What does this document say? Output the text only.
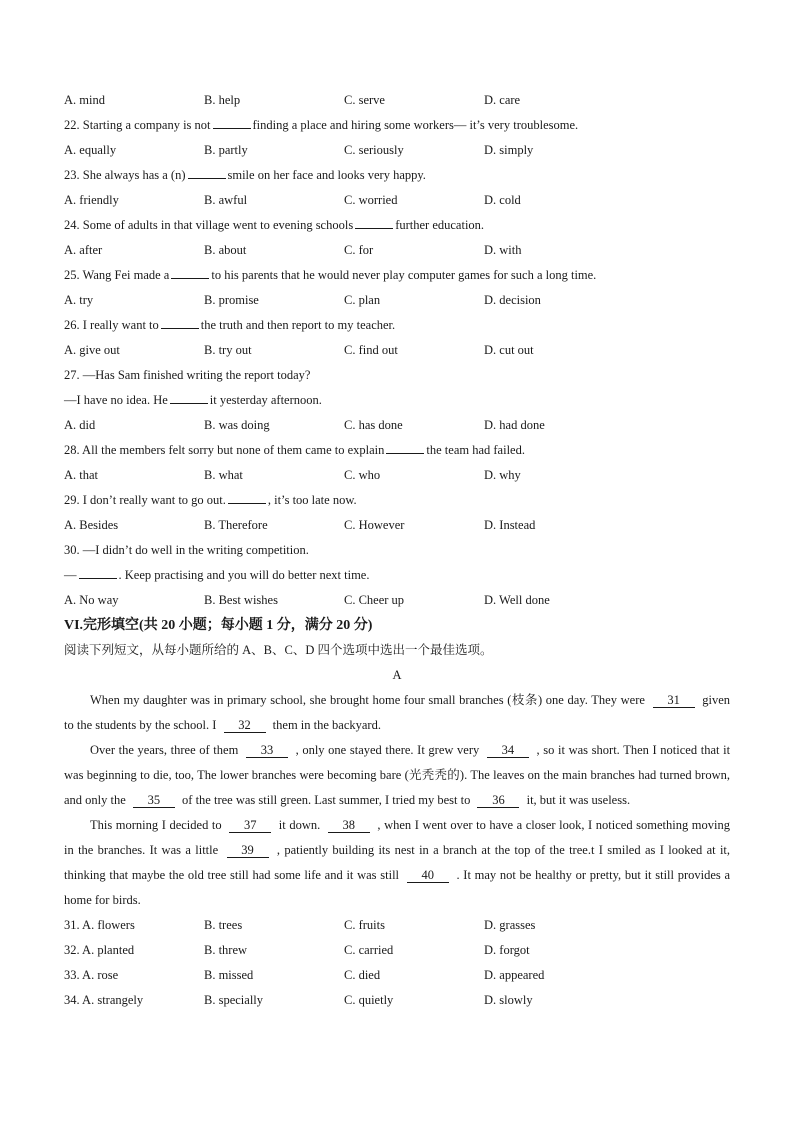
A. mind	B. help	C. serve	D. care
22. Starting a company is not	finding a place and hiring some workers— it’s very troublesome.
A. equally	B. partly	C. seriously	D. simply
23. She always has a (n)	smile on her face and looks very happy.
A. friendly	B. awful	C. worried	D. cold
24. Some of adults in that village went to evening schools	further education.
A. after	B. about	C. for	D. with
25. Wang Fei made a	to his parents that he would never play computer games for such a long time.
A. try	B. promise	C. plan	D. decision
26. I really want to	the truth and then report to my teacher.
A. give out	B. try out	C. find out	D. cut out
27. —Has Sam finished writing the report today?
—I have no idea. He	it yesterday afternoon.
A. did	B. was doing	C. has done	D. had done
28. All the members felt sorry but none of them came to explain	the team had failed.
A. that	B. what	C. who	D. why
29. I don’t really want to go out.	, it’s too late now.
A. Besides	B. Therefore	C. However	D. Instead
30. —I didn’t do well in the writing competition.
—	. Keep practising and you will do better next time.
A. No way	B. Best wishes	C. Cheer up	D. Well done
VI.完形填空(共 20 小题；每小题 1 分，满分 20 分)
阅读下列短文，从每小题所给的 A、B、C、D 四个选项中选出一个最佳选项。
A
When my daughter was in primary school, she brought home four small branches (枝条) one day. They were 31 given to the students by the school. I 32 them in the backyard.
Over the years, three of them 33 , only one stayed there. It grew very 34 , so it was short. Then I noticed that it was beginning to die, too, The lower branches were becoming bare (光秃秃的). The leaves on the main branches had turned brown, and only the 35 of the tree was still green. Last summer, I tried my best to 36 it, but it was useless.
This morning I decided to 37 it down. 38 , when I went over to have a closer look, I noticed something moving in the branches. It was a little 39 , patiently building its nest in a branch at the top of the tree.t I smiled as I looked at it, thinking that maybe the old tree still had some life and it was still 40 . It may not be healthy or pretty, but it still provides a home for birds.
31. A. flowers	B. trees	C. fruits	D. grasses
32. A. planted	B. threw	C. carried	D. forgot
33. A. rose	B. missed	C. died	D. appeared
34. A. strangely	B. specially	C. quietly	D. slowly
